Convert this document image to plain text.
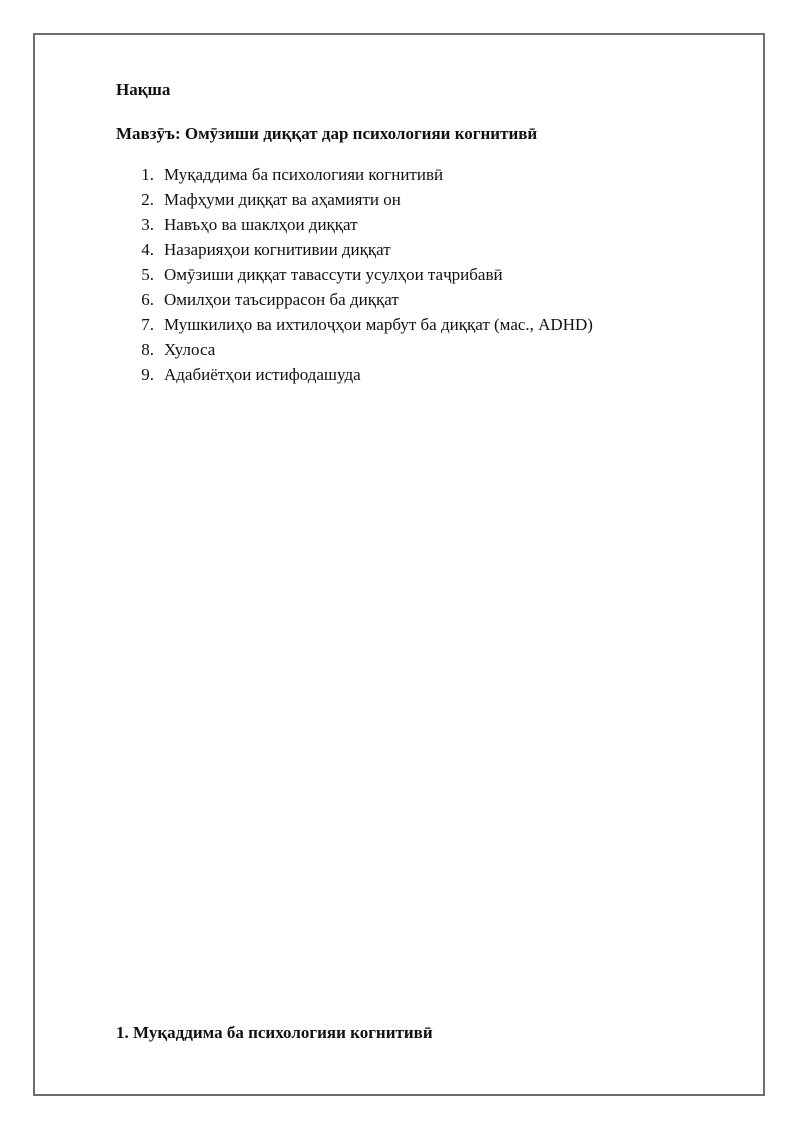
Нақша
Мавзӯъ: Омӯзиши диққат дар психологияи когнитивӣ
1. Муқаддима ба психологияи когнитивӣ
2. Мафҳуми диққат ва аҳамияти он
3. Навъҳо ва шаклҳои диққат
4. Назарияҳои когнитивии диққат
5. Омӯзиши диққат тавассути усулҳои таҷрибавӣ
6. Омилҳои таъсиррасон ба диққат
7. Мушкилиҳо ва ихтилоҷҳои марбут ба диққат (мас., ADHD)
8. Хулоса
9. Адабиётҳои истифодашуда
1. Муқаддима ба психологияи когнитивӣ
